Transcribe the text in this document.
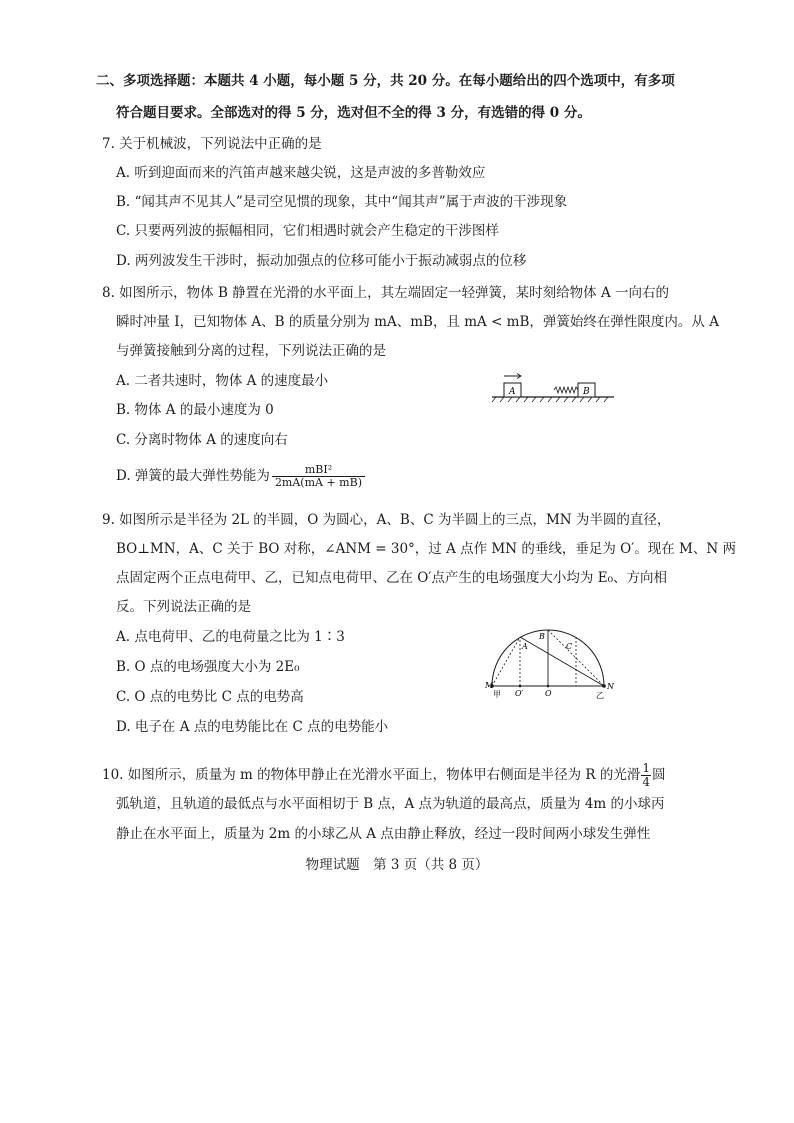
二、多项选择题：本题共 4 小题，每小题 5 分，共 20 分。在每小题给出的四个选项中，有多项
符合题目要求。全部选对的得 5 分，选对但不全的得 3 分，有选错的得 0 分。
7. 关于机械波，下列说法中正确的是
A. 听到迎面而来的汽笛声越来越尖锐，这是声波的多普勒效应
B. “闻其声不见其人”是司空见惯的现象，其中“闻其声”属于声波的干涉现象
C. 只要两列波的振幅相同，它们相遇时就会产生稳定的干涉图样
D. 两列波发生干涉时，振动加强点的位移可能小于振动减弱点的位移
8. 如图所示，物体 B 静置在光滑的水平面上，其左端固定一轻弹簧，某时刻给物体 A 一向右的
瞬时冲量 I，已知物体 A、B 的质量分别为 mA、mB，且 mA < mB，弹簧始终在弹性限度内。从 A
与弹簧接触到分离的过程，下列说法正确的是
A. 二者共速时，物体 A 的速度最小
B. 物体 A 的最小速度为 0
C. 分离时物体 A 的速度向右
D. 弹簧的最大弹性势能为 $\frac{\text{mBI²}}{2mA(mA + mB)}$
A	B
9. 如图所示是半径为 2L 的半圆，O 为圆心，A、B、C 为半圆上的三点，MN 为半圆的直径，
BO⊥MN，A、C 关于 BO 对称，∠ANM = 30°，过 A 点作 MN 的垂线，垂足为 O′。现在 M、N 两
点固定两个正点电荷甲、乙，已知点电荷甲、乙在 O′点产生的电场强度大小均为 E₀、方向相
反。下列说法正确的是
A. 点电荷甲、乙的电荷量之比为 1∶3
B. O 点的电场强度大小为 2E₀
C. O 点的电势比 C 点的电势高
D. 电子在 A 点的电势能比在 C 点的电势能小
M	N
甲	乙
O
O′
A
B
C
10. 如图所示，质量为 m 的物体甲静止在光滑水平面上，物体甲右侧面是半径为 R 的光滑 $\frac{1}{4}$ 圆
弧轨道，且轨道的最低点与水平面相切于 B 点，A 点为轨道的最高点，质量为 4m 的小球丙
静止在水平面上，质量为 2m 的小球乙从 A 点由静止释放，经过一段时间两小球发生弹性
物理试题　第 3 页（共 8 页）
